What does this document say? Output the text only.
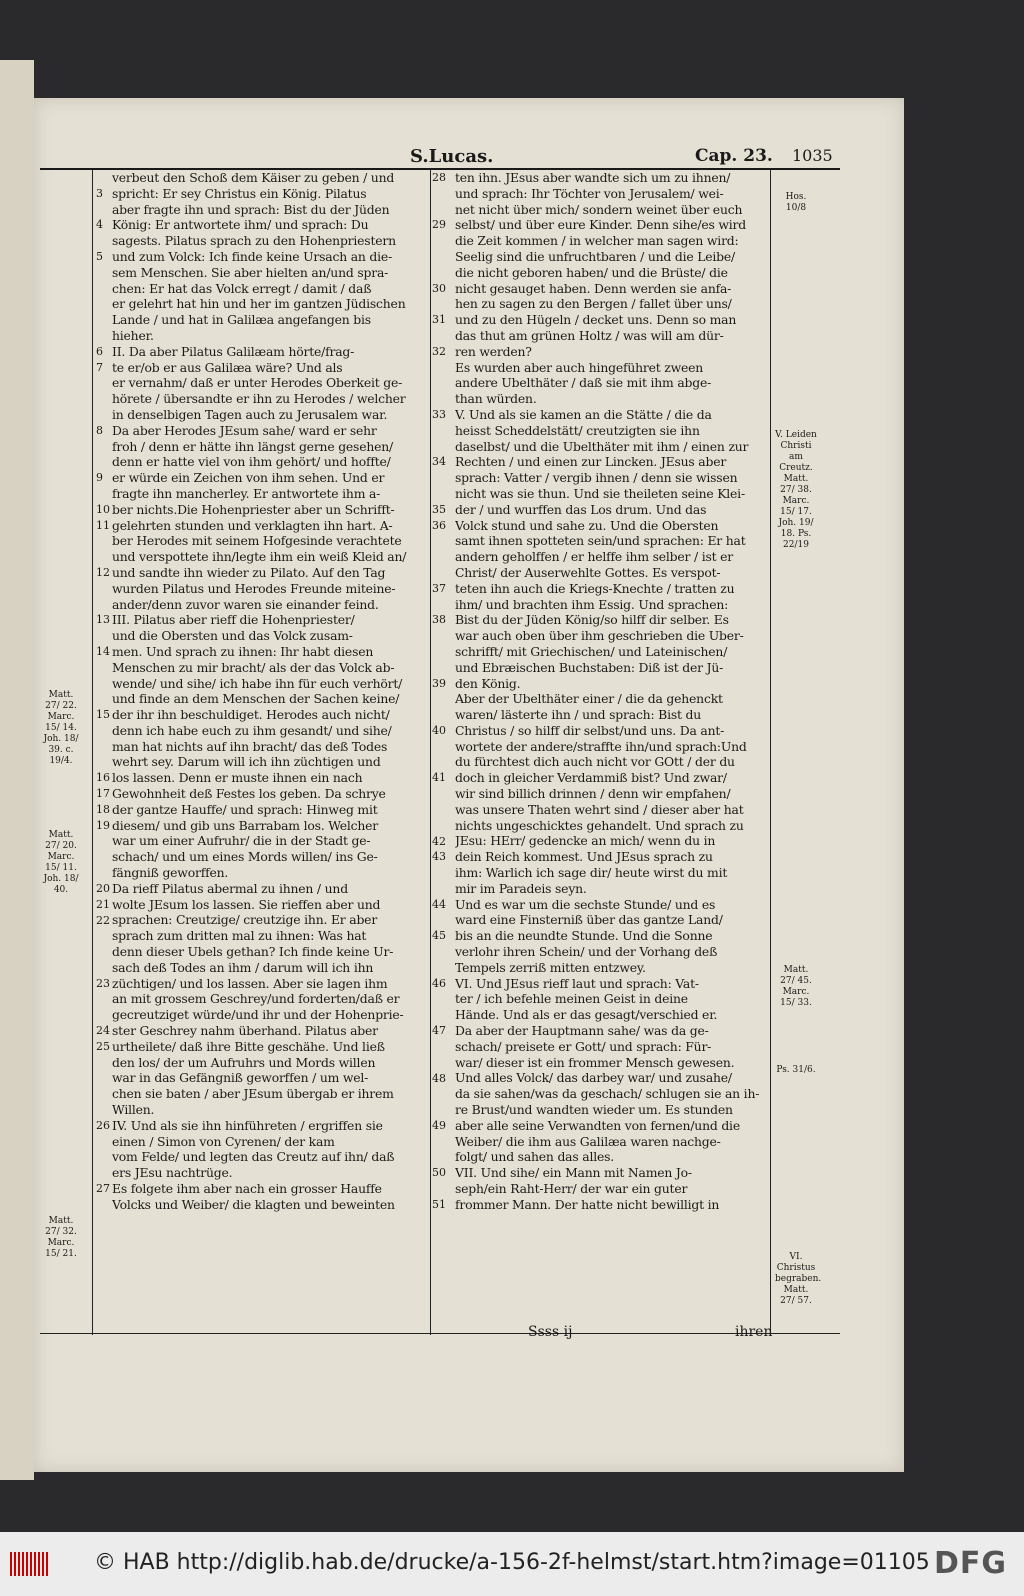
S.Lucas.	Cap. 23. 1035
3
4
5
6
7
8
9
10
11
12
13
14
15
16
17
18
19
20
21
22
23
24
25
26
27
28
29
30
31
32
33
34
35
36
37
38
39
40
41
42
43
44
45
46
47
48
49
50
51
verbeut den Schoß dem Käiser zu geben / und
spricht: Er sey Christus ein König. Pilatus
aber fragte ihn und sprach: Bist du der Jüden
König: Er antwortete ihm/ und sprach: Du
sagests. Pilatus sprach zu den Hohenpriestern
und zum Volck: Ich finde keine Ursach an die-
sem Menschen. Sie aber hielten an/und spra-
chen: Er hat das Volck erregt / damit / daß
er gelehrt hat hin und her im gantzen Jüdischen
Lande / und hat in Galilæa angefangen bis
hieher.
II. Da aber Pilatus Galilæam hörte/frag-
te er/ob er aus Galilæa wäre? Und als
er vernahm/ daß er unter Herodes Oberkeit ge-
hörete / übersandte er ihn zu Herodes / welcher
in denselbigen Tagen auch zu Jerusalem war.
Da aber Herodes JEsum sahe/ ward er sehr
froh / denn er hätte ihn längst gerne gesehen/
denn er hatte viel von ihm gehört/ und hoffte/
er würde ein Zeichen von ihm sehen. Und er
fragte ihn mancherley. Er antwortete ihm a-
ber nichts.Die Hohenpriester aber un Schrifft-
gelehrten stunden und verklagten ihn hart. A-
ber Herodes mit seinem Hofgesinde verachtete
und verspottete ihn/legte ihm ein weiß Kleid an/
und sandte ihn wieder zu Pilato. Auf den Tag
wurden Pilatus und Herodes Freunde miteine-
ander/denn zuvor waren sie einander feind.
III. Pilatus aber rieff die Hohenpriester/
und die Obersten und das Volck zusam-
men. Und sprach zu ihnen: Ihr habt diesen
Menschen zu mir bracht/ als der das Volck ab-
wende/ und sihe/ ich habe ihn für euch verhört/
und finde an dem Menschen der Sachen keine/
der ihr ihn beschuldiget. Herodes auch nicht/
denn ich habe euch zu ihm gesandt/ und sihe/
man hat nichts auf ihn bracht/ das deß Todes
wehrt sey. Darum will ich ihn züchtigen und
los lassen. Denn er muste ihnen ein nach
Gewohnheit deß Festes los geben. Da schrye
der gantze Hauffe/ und sprach: Hinweg mit
diesem/ und gib uns Barrabam los. Welcher
war um einer Aufruhr/ die in der Stadt ge-
schach/ und um eines Mords willen/ ins Ge-
fängniß geworffen.
Da rieff Pilatus abermal zu ihnen / und
wolte JEsum los lassen. Sie rieffen aber und
sprachen: Creutzige/ creutzige ihn. Er aber
sprach zum dritten mal zu ihnen: Was hat
denn dieser Ubels gethan? Ich finde keine Ur-
sach deß Todes an ihm / darum will ich ihn
züchtigen/ und los lassen. Aber sie lagen ihm
an mit grossem Geschrey/und forderten/daß er
gecreutziget würde/und ihr und der Hohenprie-
ster Geschrey nahm überhand. Pilatus aber
urtheilete/ daß ihre Bitte geschähe. Und ließ
den los/ der um Aufruhrs und Mords willen
war in das Gefängniß geworffen / um wel-
chen sie baten / aber JEsum übergab er ihrem
Willen.
IV. Und als sie ihn hinführeten / ergriffen sie
einen / Simon von Cyrenen/ der kam
vom Felde/ und legten das Creutz auf ihn/ daß
ers JEsu nachtrüge.
Es folgete ihm aber nach ein grosser Hauffe
Volcks und Weiber/ die klagten und beweinten
ten ihn. JEsus aber wandte sich um zu ihnen/
und sprach: Ihr Töchter von Jerusalem/ wei-
net nicht über mich/ sondern weinet über euch
selbst/ und über eure Kinder. Denn sihe/es wird
die Zeit kommen / in welcher man sagen wird:
Seelig sind die unfruchtbaren / und die Leibe/
die nicht geboren haben/ und die Brüste/ die
nicht gesauget haben. Denn werden sie anfa-
hen zu sagen zu den Bergen / fallet über uns/
und zu den Hügeln / decket uns. Denn so man
das thut am grünen Holtz / was will am dür-
ren werden?
Es wurden aber auch hingeführet zween
andere Ubelthäter / daß sie mit ihm abge-
than würden.
V. Und als sie kamen an die Stätte / die da
heisst Scheddelstätt/ creutzigten sie ihn
daselbst/ und die Ubelthäter mit ihm / einen zur
Rechten / und einen zur Lincken. JEsus aber
sprach: Vatter / vergib ihnen / denn sie wissen
nicht was sie thun. Und sie theileten seine Klei-
der / und wurffen das Los drum. Und das
Volck stund und sahe zu. Und die Obersten
samt ihnen spotteten sein/und sprachen: Er hat
andern geholffen / er helffe ihm selber / ist er
Christ/ der Auserwehlte Gottes. Es verspot-
teten ihn auch die Kriegs-Knechte / tratten zu
ihm/ und brachten ihm Essig. Und sprachen:
Bist du der Jüden König/so hilff dir selber. Es
war auch oben über ihm geschrieben die Uber-
schrifft/ mit Griechischen/ und Lateinischen/
und Ebræischen Buchstaben: Diß ist der Jü-
den König.
Aber der Ubelthäter einer / die da gehenckt
waren/ lästerte ihn / und sprach: Bist du
Christus / so hilff dir selbst/und uns. Da ant-
wortete der andere/straffte ihn/und sprach:Und
du fürchtest dich auch nicht vor GOtt / der du
doch in gleicher Verdammiß bist? Und zwar/
wir sind billich drinnen / denn wir empfahen/
was unsere Thaten wehrt sind / dieser aber hat
nichts ungeschicktes gehandelt. Und sprach zu
JEsu: HErr/ gedencke an mich/ wenn du in
dein Reich kommest. Und JEsus sprach zu
ihm: Warlich ich sage dir/ heute wirst du mit
mir im Paradeis seyn.
Und es war um die sechste Stunde/ und es
ward eine Finsterniß über das gantze Land/
bis an die neundte Stunde. Und die Sonne
verlohr ihren Schein/ und der Vorhang deß
Tempels zerriß mitten entzwey.
VI. Und JEsus rieff laut und sprach: Vat-
ter / ich befehle meinen Geist in deine
Hände. Und als er das gesagt/verschied er.
Da aber der Hauptmann sahe/ was da ge-
schach/ preisete er Gott/ und sprach: Für-
war/ dieser ist ein frommer Mensch gewesen.
Und alles Volck/ das darbey war/ und zusahe/
da sie sahen/was da geschach/ schlugen sie an ih-
re Brust/und wandten wieder um. Es stunden
aber alle seine Verwandten von fernen/und die
Weiber/ die ihm aus Galilæa waren nachge-
folgt/ und sahen das alles.
VII. Und sihe/ ein Mann mit Namen Jo-
seph/ein Raht-Herr/ der war ein guter
frommer Mann. Der hatte nicht bewilligt in
Hos. 10/8
V. Leiden Christi am Creutz. Matt. 27/ 38. Marc. 15/ 17. Joh. 19/ 18. Ps. 22/19
Matt. 27/ 45. Marc. 15/ 33.
Ps. 31/6.
VI. Christus begraben. Matt. 27/ 57.
Matt. 27/ 22. Marc. 15/ 14. Joh. 18/ 39. c. 19/4.
Matt. 27/ 20. Marc. 15/ 11. Joh. 18/ 40.
Matt. 27/ 32. Marc. 15/ 21.
Ssss ij	ihren
© HAB http://diglib.hab.de/drucke/a-156-2f-helmst/start.htm?image=01105 DFG
